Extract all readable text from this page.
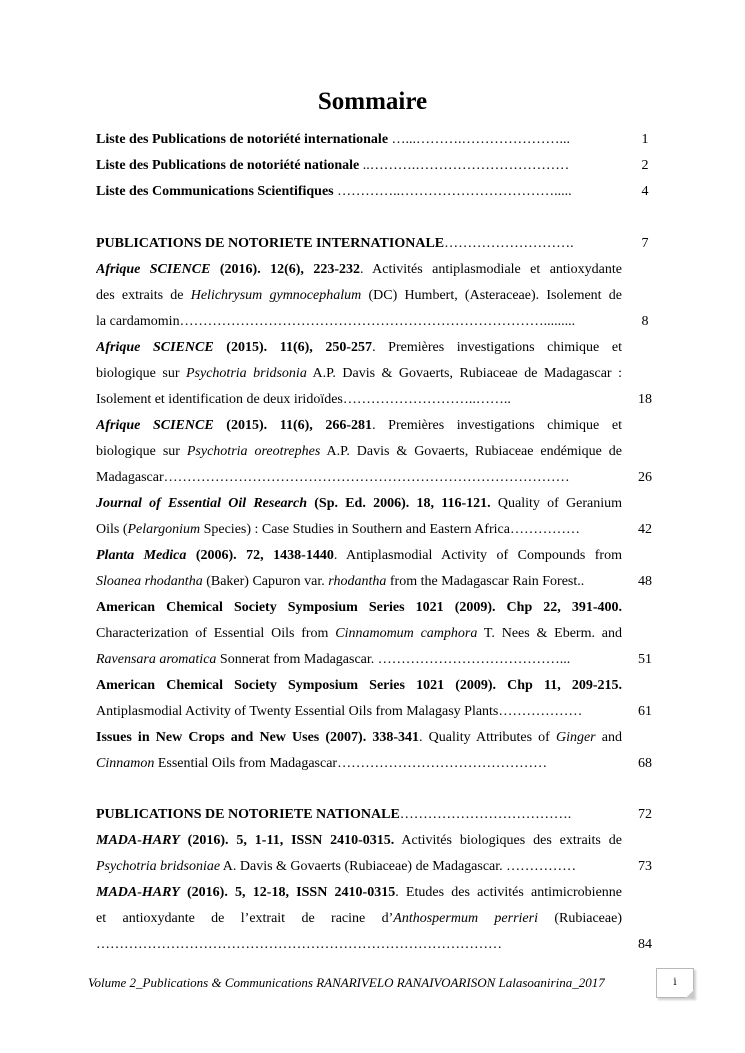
Sommaire
Liste des Publications de notoriété internationale …...……….…………………...	1
Liste des Publications de notoriété nationale ..……….……………………………	2
Liste des Communications Scientifiques …………..…………………………….....	4
PUBLICATIONS DE NOTORIETE INTERNATIONALE……………………….	7
Afrique SCIENCE (2016). 12(6), 223-232. Activités antiplasmodiale et antioxydante
des extraits de Helichrysum gymnocephalum (DC) Humbert, (Asteraceae). Isolement de
la cardamomin…………………………………………………………………….........	8
Afrique SCIENCE (2015). 11(6), 250-257. Premières investigations chimique et
biologique sur Psychotria bridsonia A.P. Davis & Govaerts, Rubiaceae de Madagascar :
Isolement et identification de deux iridoïdes………………………..……..	18
Afrique SCIENCE (2015). 11(6), 266-281. Premières investigations chimique et
biologique sur Psychotria oreotrephes A.P. Davis & Govaerts, Rubiaceae endémique de
Madagascar……………………………………………………………………………	26
Journal of Essential Oil Research (Sp. Ed. 2006). 18, 116-121. Quality of Geranium
Oils (Pelargonium Species) : Case Studies in Southern and Eastern Africa……………	42
Planta Medica (2006). 72, 1438-1440. Antiplasmodial Activity of Compounds from
Sloanea rhodantha (Baker) Capuron var. rhodantha from the Madagascar Rain Forest..	48
American Chemical Society Symposium Series 1021 (2009). Chp 22, 391-400.
Characterization of Essential Oils from Cinnamomum camphora T. Nees & Eberm. and
Ravensara aromatica Sonnerat from Madagascar. …………………………………...	51
American Chemical Society Symposium Series 1021 (2009). Chp 11, 209-215.
Antiplasmodial Activity of Twenty Essential Oils from Malagasy Plants………………	61
Issues in New Crops and New Uses (2007). 338-341. Quality Attributes of Ginger and
Cinnamon Essential Oils from Madagascar………………………………………	68
PUBLICATIONS DE NOTORIETE NATIONALE……………………………….	72
MADA-HARY (2016). 5, 1-11, ISSN 2410-0315. Activités biologiques des extraits de
Psychotria bridsoniae A. Davis & Govaerts (Rubiaceae) de Madagascar. ……………	73
MADA-HARY (2016). 5, 12-18, ISSN 2410-0315. Etudes des activités antimicrobienne
et antioxydante de l’extrait de racine d’Anthospermum perrieri (Rubiaceae)
……………………………………………………………………………	84
Volume 2_Publications & Communications RANARIVELO RANAIVOARISON Lalasoanirina_2017	i
